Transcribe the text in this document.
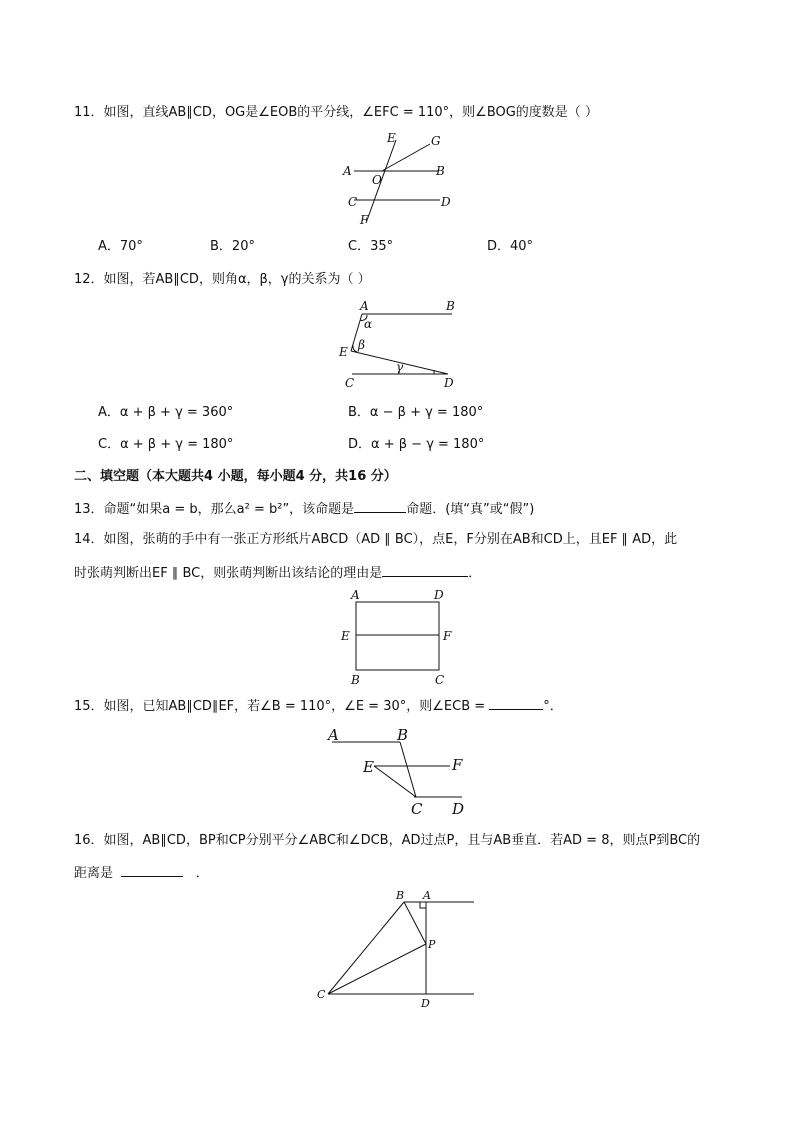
11．如图，直线AB∥CD，OG是∠EOB的平分线，∠EFC = 110°，则∠BOG的度数是（ ）
E	G
A
O
B
C	D
F
A．70°	B．20°	C．35°	D．40°
12．如图，若AB∥CD，则角α，β，γ的关系为（ ）
A	B
α
E β
γ
C	D
A．α + β + γ = 360°	B．α − β + γ = 180°
C．α + β + γ = 180°	D．α + β − γ = 180°
二、填空题（本大题共4 小题，每小题4 分，共16 分）
13．命题“如果a = b，那么a² = b²”，该命题是	命题．(填“真”或“假”)
14．如图，张萌的手中有一张正方形纸片ABCD（AD ∥ BC），点E，F分别在AB和CD上，且EF ∥ AD，此
时张萌判断出EF ∥ BC，则张萌判断出该结论的理由是	．
A	D
E	F
B	C
15．如图，已知AB∥CD∥EF，若∠B = 110°，∠E = 30°，则∠ECB =	°．
A	B
E	F
C D
16．如图，AB∥CD，BP和CP分别平分∠ABC和∠DCB，AD过点P，且与AB垂直．若AD = 8，则点P到BC的
距离是	．
B A
P
C
D
